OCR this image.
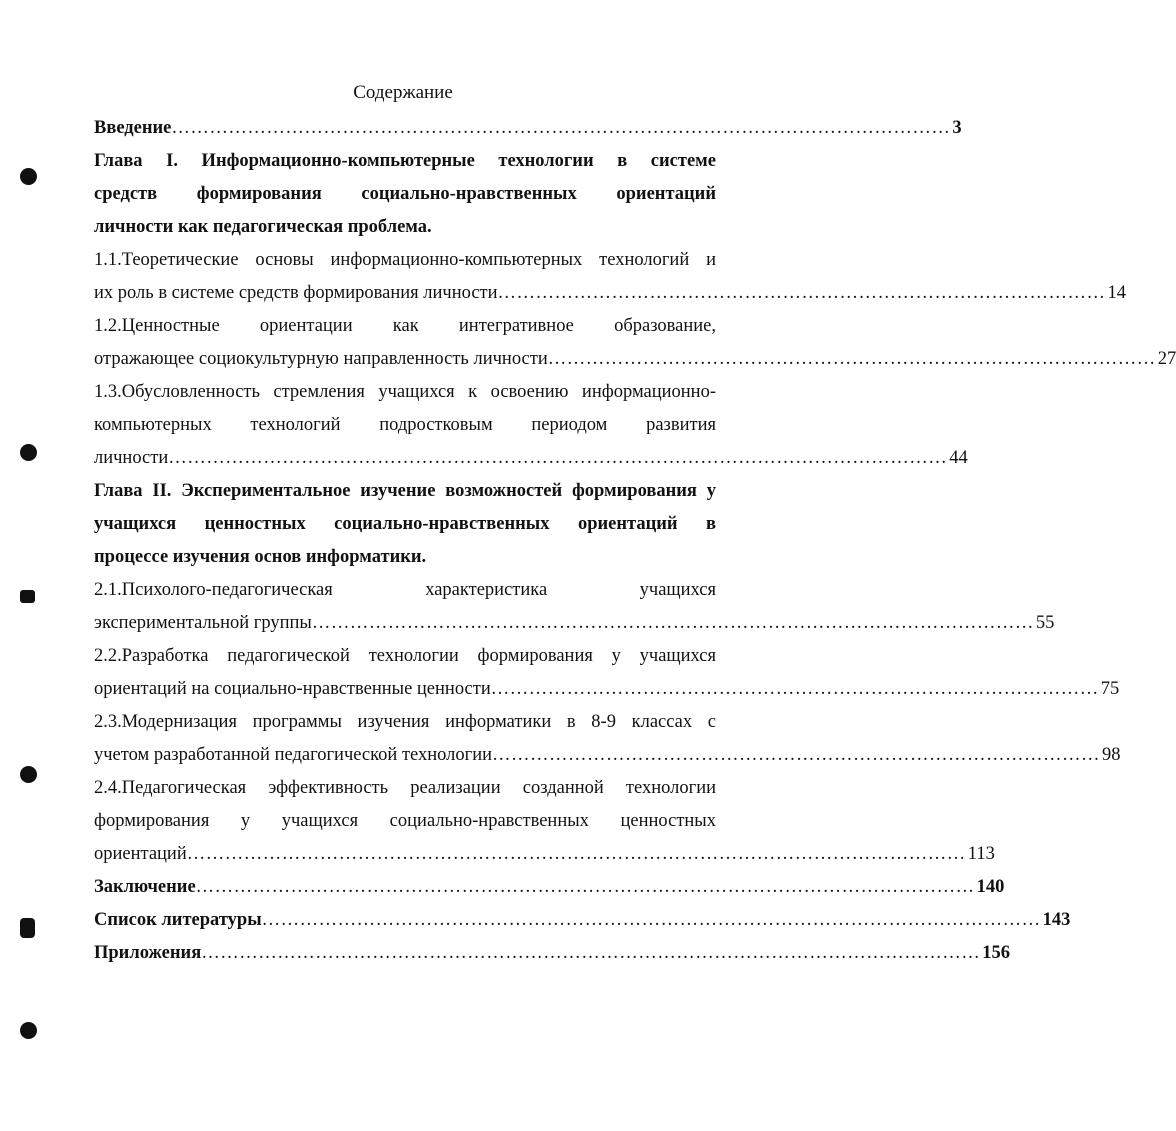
Содержание
Введение …………………………………………………………………………………………………………… 3
Глава I. Информационно-компьютерные технологии в системе
средств формирования социально-нравственных ориентаций
личности как педагогическая проблема.
1.1.Теоретические основы информационно-компьютерных технологий и
их роль в системе средств формирования личности …………………………………………………………………………………… 14
1.2.Ценностные ориентации как интегративное образование,
отражающее социокультурную направленность личности …………………………………………………………………………………… 27
1.3.Обусловленность стремления учащихся к освоению информационно-
компьютерных технологий подростковым периодом развития
личности …………………………………………………………………………………………………………… 44
Глава II. Экспериментальное изучение возможностей формирования у
учащихся ценностных социально-нравственных ориентаций в
процессе изучения основ информатики.
2.1.Психолого-педагогическая характеристика учащихся
экспериментальной группы …………………………………………………………………………………………………… 55
2.2.Разработка педагогической технологии формирования у учащихся
ориентаций на социально-нравственные ценности …………………………………………………………………………………… 75
2.3.Модернизация программы изучения информатики в 8-9 классах с
учетом разработанной педагогической технологии …………………………………………………………………………………… 98
2.4.Педагогическая эффективность реализации созданной технологии
формирования у учащихся социально-нравственных ценностных
ориентаций …………………………………………………………………………………………………………… 113
Заключение …………………………………………………………………………………………………………… 140
Список литературы …………………………………………………………………………………………………………… 143
Приложения …………………………………………………………………………………………………………… 156
